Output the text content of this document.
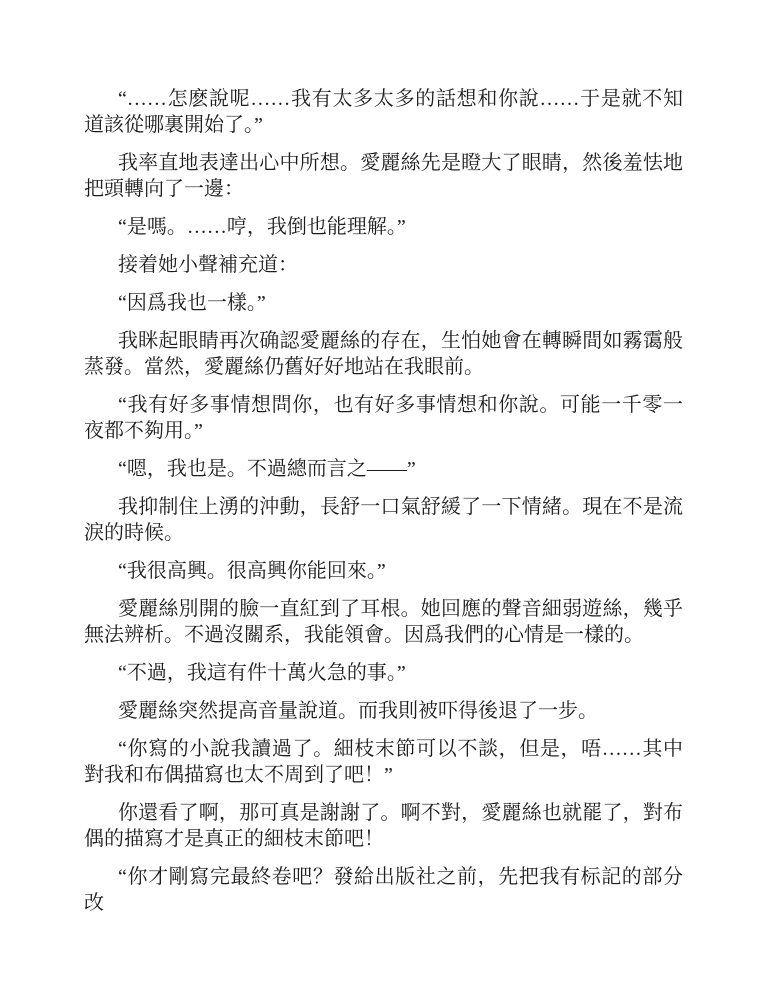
“……怎麽說呢……我有太多太多的話想和你說……于是就不知道該從哪裏開始了。”

我率直地表達出心中所想。愛麗絲先是瞪大了眼睛，然後羞怯地把頭轉向了一邊：

“是嗎。……哼，我倒也能理解。”

接着她小聲補充道：

“因爲我也一樣。”

我眯起眼睛再次确認愛麗絲的存在，生怕她會在轉瞬間如霧霭般蒸發。當然，愛麗絲仍舊好好地站在我眼前。

“我有好多事情想問你，也有好多事情想和你說。可能一千零一夜都不夠用。”

“嗯，我也是。不過總而言之——”

我抑制住上湧的沖動，長舒一口氣舒緩了一下情緒。現在不是流淚的時候。

“我很高興。很高興你能回來。”

愛麗絲別開的臉一直紅到了耳根。她回應的聲音細弱遊絲，幾乎無法辨析。不過沒關系，我能領會。因爲我們的心情是一樣的。

“不過，我這有件十萬火急的事。”

愛麗絲突然提高音量說道。而我則被吓得後退了一步。

“你寫的小說我讀過了。細枝末節可以不談，但是，唔……其中對我和布偶描寫也太不周到了吧！”

你還看了啊，那可真是謝謝了。啊不對，愛麗絲也就罷了，對布偶的描寫才是真正的細枝末節吧！

“你才剛寫完最終卷吧？發給出版社之前，先把我有标記的部分改
